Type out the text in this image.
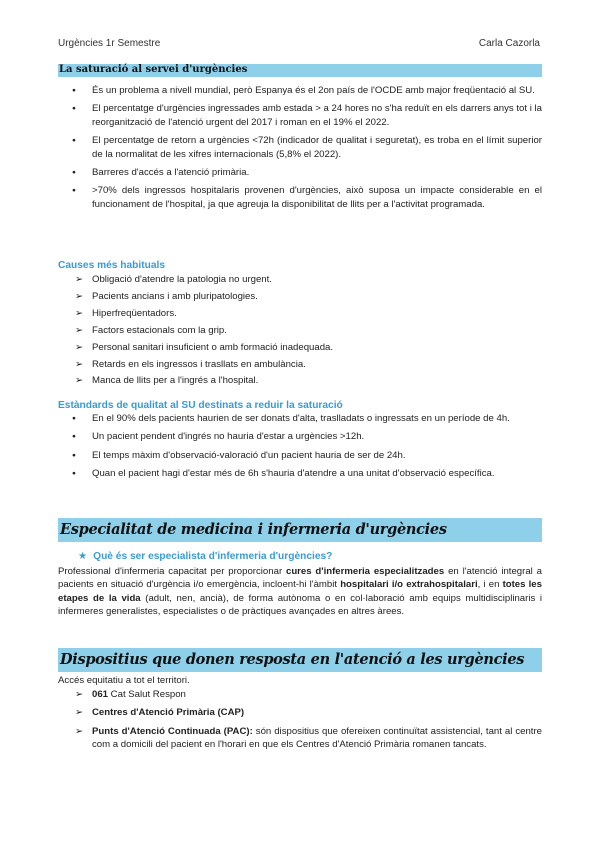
Urgències 1r Semestre	Carla Cazorla
La saturació al servei d'urgències
● És un problema a nivell mundial, però Espanya és el 2on país de l'OCDE amb major freqüentació al SU.
● El percentatge d'urgències ingressades amb estada > a 24 hores no s'ha reduït en els darrers anys tot i la reorganització de l'atenció urgent del 2017 i roman en el 19% el 2022.
● El percentatge de retorn a urgències <72h (indicador de qualitat i seguretat), es troba en el límit superior de la normalitat de les xifres internacionals (5,8% el 2022).
● Barreres d'accés a l'atenció primària.
● >70% dels ingressos hospitalaris provenen d'urgències, això suposa un impacte considerable en el funcionament de l'hospital, ja que agreuja la disponibilitat de llits per a l'activitat programada.
Causes més habituals
➢ Obligació d'atendre la patologia no urgent.
➢ Pacients ancians i amb pluripatologies.
➢ Hiperfreqüentadors.
➢ Factors estacionals com la grip.
➢ Personal sanitari insuficient o amb formació inadequada.
➢ Retards en els ingressos i trasllats en ambulància.
➢ Manca de llits per a l'ingrés a l'hospital.
Estàndards de qualitat al SU destinats a reduir la saturació
● En el 90% dels pacients haurien de ser donats d'alta, traslladats o ingressats en un període de 4h.
● Un pacient pendent d'ingrés no hauria d'estar a urgències >12h.
● El temps màxim d'observació-valoració d'un pacient hauria de ser de 24h.
● Quan el pacient hagi d'estar més de 6h s'hauria d'atendre a una unitat d'observació específica.
Especialitat de medicina i infermeria d'urgències
★ Què és ser especialista d'infermeria d'urgències?
Professional d'infermeria capacitat per proporcionar cures d'infermeria especialitzades en l'atenció integral a pacients en situació d'urgència i/o emergència, incloent-hi l'àmbit hospitalari i/o extrahospitalari, i en totes les etapes de la vida (adult, nen, ancià), de forma autònoma o en col·laboració amb equips multidisciplinaris i infermeres generalistes, especialistes o de pràctiques avançades en altres àrees.
Dispositius que donen resposta en l'atenció a les urgències
Accés equitatiu a tot el territori.
➢ 061 Cat Salut Respon
➢ Centres d'Atenció Primària (CAP)
➢ Punts d'Atenció Continuada (PAC): són dispositius que ofereixen continuïtat assistencial, tant al centre com a domicili del pacient en l'horari en que els Centres d'Atenció Primària romanen tancats.
